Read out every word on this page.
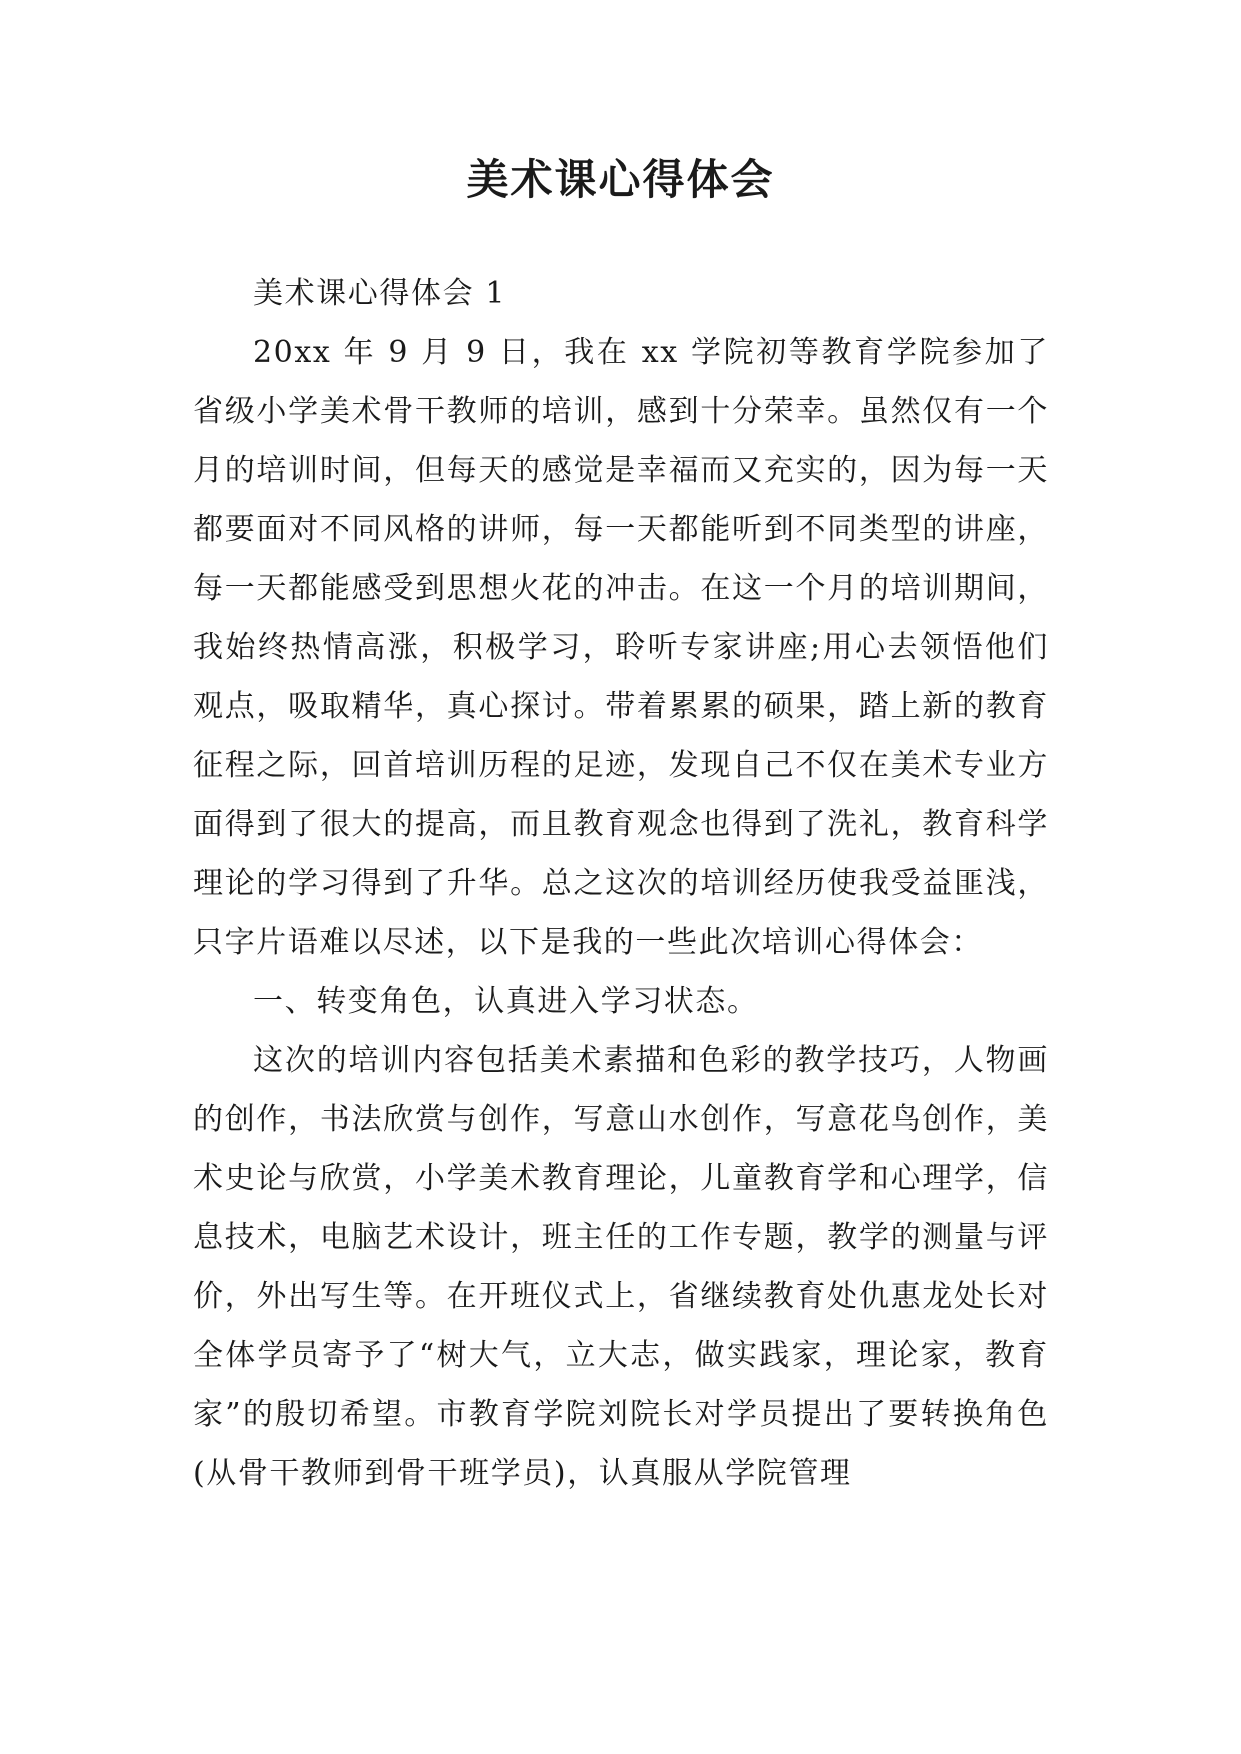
美术课心得体会

美术课心得体会 1

20xx 年 9 月 9 日，我在 xx 学院初等教育学院参加了省级小学美术骨干教师的培训，感到十分荣幸。虽然仅有一个月的培训时间，但每天的感觉是幸福而又充实的，因为每一天都要面对不同风格的讲师，每一天都能听到不同类型的讲座，每一天都能感受到思想火花的冲击。在这一个月的培训期间，我始终热情高涨，积极学习，聆听专家讲座;用心去领悟他们观点，吸取精华，真心探讨。带着累累的硕果，踏上新的教育征程之际，回首培训历程的足迹，发现自己不仅在美术专业方面得到了很大的提高，而且教育观念也得到了洗礼，教育科学理论的学习得到了升华。总之这次的培训经历使我受益匪浅，只字片语难以尽述，以下是我的一些此次培训心得体会：

一、转变角色，认真进入学习状态。

这次的培训内容包括美术素描和色彩的教学技巧，人物画的创作，书法欣赏与创作，写意山水创作，写意花鸟创作，美术史论与欣赏，小学美术教育理论，儿童教育学和心理学，信息技术，电脑艺术设计，班主任的工作专题，教学的测量与评价，外出写生等。在开班仪式上，省继续教育处仇惠龙处长对全体学员寄予了“树大气，立大志，做实践家，理论家，教育家”的殷切希望。市教育学院刘院长对学员提出了要转换角色(从骨干教师到骨干班学员)，认真服从学院管理
